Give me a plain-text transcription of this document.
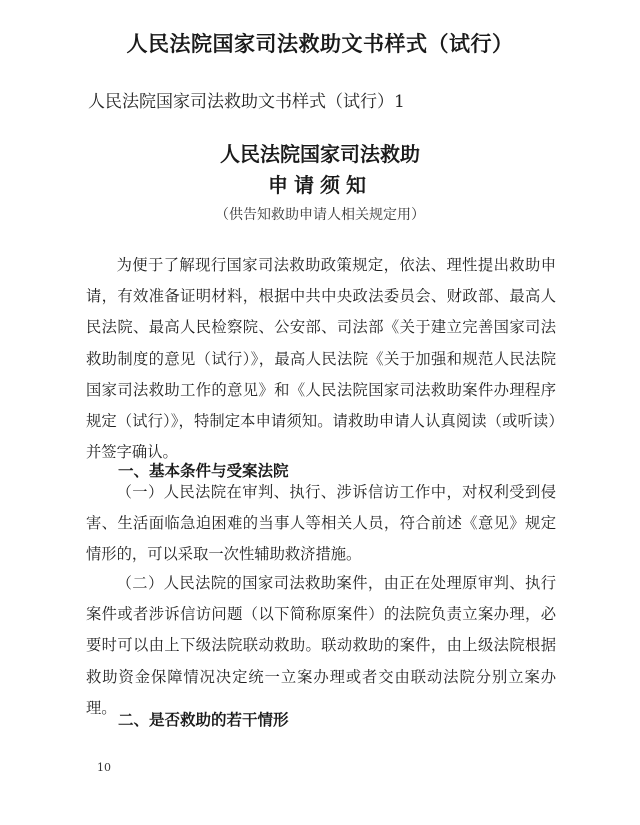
人民法院国家司法救助文书样式（试行）
人民法院国家司法救助文书样式（试行）1
人民法院国家司法救助
申请须知
（供告知救助申请人相关规定用）

为便于了解现行国家司法救助政策规定，依法、理性提出救助申请，有效准备证明材料，根据中共中央政法委员会、财政部、最高人民法院、最高人民检察院、公安部、司法部《关于建立完善国家司法救助制度的意见（试行）》，最高人民法院《关于加强和规范人民法院国家司法救助工作的意见》和《人民法院国家司法救助案件办理程序规定（试行）》，特制定本申请须知。请救助申请人认真阅读（或听读）并签字确认。

一、基本条件与受案法院

（一）人民法院在审判、执行、涉诉信访工作中，对权利受到侵害、生活面临急迫困难的当事人等相关人员，符合前述《意见》规定情形的，可以采取一次性辅助救济措施。

（二）人民法院的国家司法救助案件，由正在处理原审判、执行案件或者涉诉信访问题（以下简称原案件）的法院负责立案办理，必要时可以由上下级法院联动救助。联动救助的案件，由上级法院根据救助资金保障情况决定统一立案办理或者交由联动法院分别立案办理。

二、是否救助的若干情形
10
